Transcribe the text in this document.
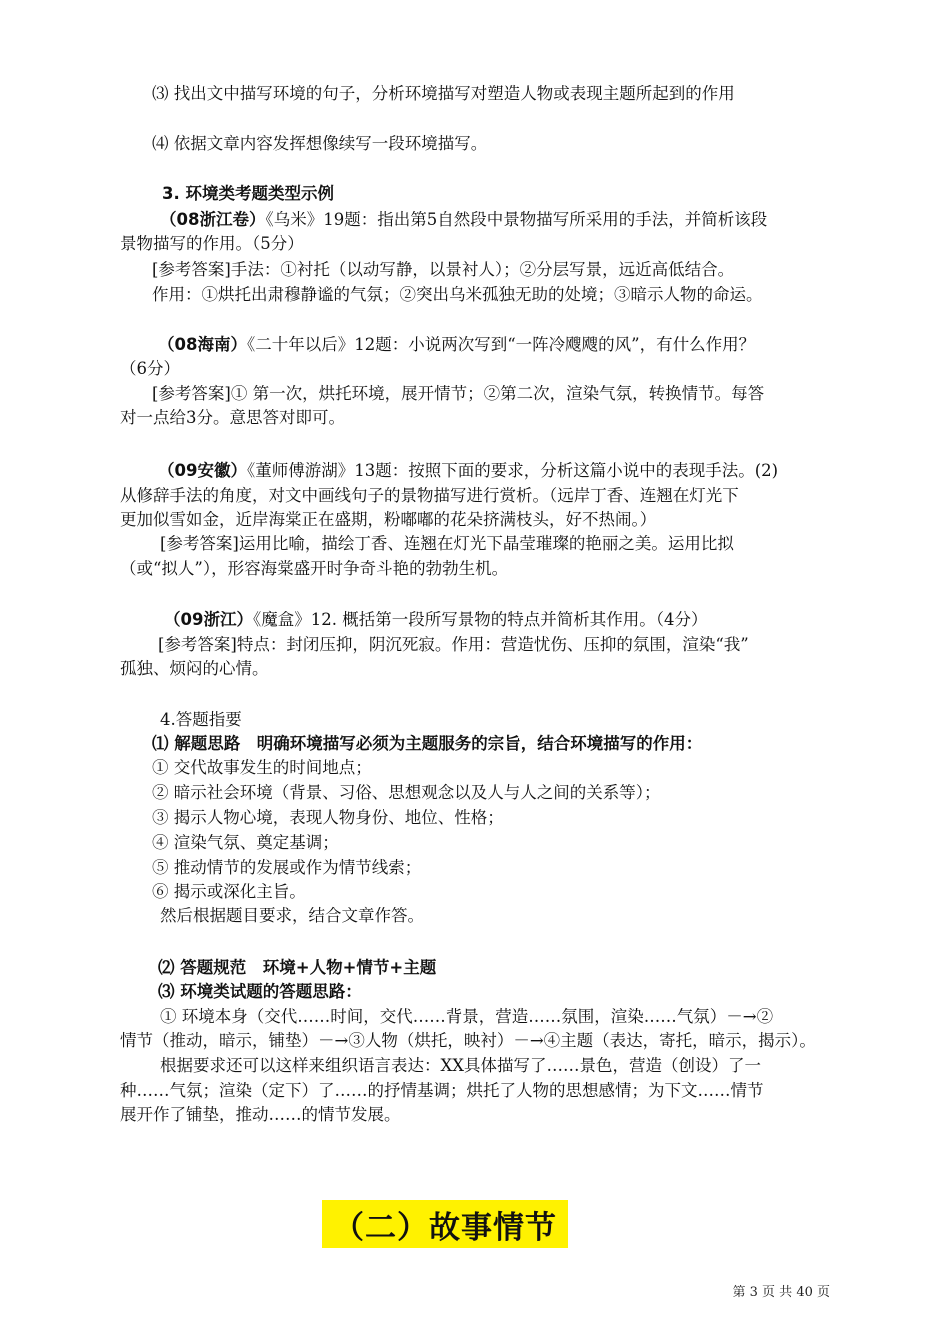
⑶ 找出文中描写环境的句子，分析环境描写对塑造人物或表现主题所起到的作用
⑷ 依据文章内容发挥想像续写一段环境描写。
3. 环境类考题类型示例
（08浙江卷）《乌米》19题：指出第5自然段中景物描写所采用的手法，并简析该段
景物描写的作用。（5分）
[参考答案]手法：①衬托（以动写静，以景衬人）；②分层写景，远近高低结合。
作用：①烘托出肃穆静谧的气氛；②突出乌米孤独无助的处境；③暗示人物的命运。
（08海南）《二十年以后》12题：小说两次写到“一阵冷飕飕的风”，有什么作用？
（6分）
[参考答案]① 第一次，烘托环境，展开情节；②第二次，渲染气氛，转换情节。每答
对一点给3分。意思答对即可。
（09安徽）《董师傅游湖》13题：按照下面的要求，分析这篇小说中的表现手法。(2)
从修辞手法的角度，对文中画线句子的景物描写进行赏析。（远岸丁香、连翘在灯光下
更加似雪如金，近岸海棠正在盛期，粉嘟嘟的花朵挤满枝头，好不热闹。）
[参考答案]运用比喻，描绘丁香、连翘在灯光下晶莹璀璨的艳丽之美。运用比拟
（或“拟人”），形容海棠盛开时争奇斗艳的勃勃生机。
（09浙江）《魔盒》12. 概括第一段所写景物的特点并简析其作用。（4分）
[参考答案]特点：封闭压抑，阴沉死寂。作用：营造忧伤、压抑的氛围，渲染“我”
孤独、烦闷的心情。
4.答题指要
⑴ 解题思路　明确环境描写必须为主题服务的宗旨，结合环境描写的作用：
① 交代故事发生的时间地点；
② 暗示社会环境（背景、习俗、思想观念以及人与人之间的关系等）；
③ 揭示人物心境，表现人物身份、地位、性格；
④ 渲染气氛、奠定基调；
⑤ 推动情节的发展或作为情节线索；
⑥ 揭示或深化主旨。
然后根据题目要求，结合文章作答。
⑵ 答题规范　环境+人物+情节+主题
⑶ 环境类试题的答题思路：
① 环境本身（交代……时间，交代……背景，营造……氛围，渲染……气氛）－→②
情节（推动，暗示，铺垫）－→③人物（烘托，映衬）－→④主题（表达，寄托，暗示，揭示）。
根据要求还可以这样来组织语言表达：XX具体描写了……景色，营造（创设）了一
种……气氛；渲染（定下）了……的抒情基调；烘托了人物的思想感情；为下文……情节
展开作了铺垫，推动……的情节发展。
（二）故事情节
第 3 页 共 40 页
